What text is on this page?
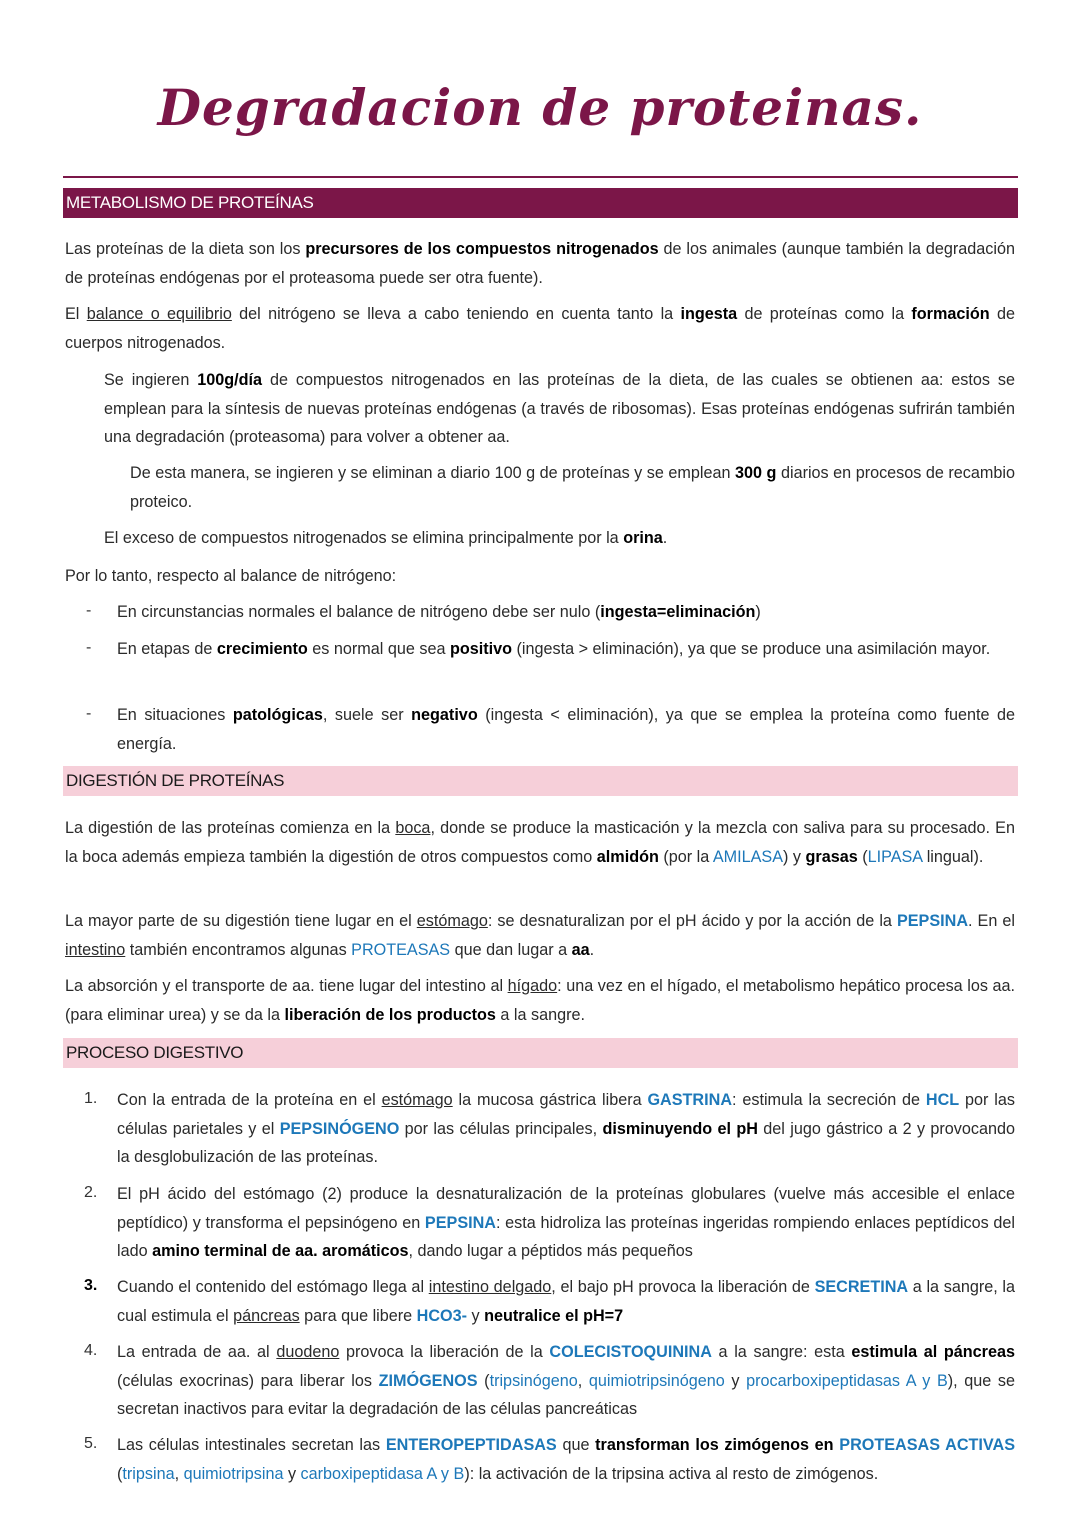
Degradacion de proteinas.
METABOLISMO DE PROTEÍNAS
Las proteínas de la dieta son los precursores de los compuestos nitrogenados de los animales (aunque también la degradación de proteínas endógenas por el proteasoma puede ser otra fuente).
El balance o equilibrio del nitrógeno se lleva a cabo teniendo en cuenta tanto la ingesta de proteínas como la formación de cuerpos nitrogenados.
Se ingieren 100g/día de compuestos nitrogenados en las proteínas de la dieta, de las cuales se obtienen aa: estos se emplean para la síntesis de nuevas proteínas endógenas (a través de ribosomas). Esas proteínas endógenas sufrirán también una degradación (proteasoma) para volver a obtener aa.
De esta manera, se ingieren y se eliminan a diario 100 g de proteínas y se emplean 300 g diarios en procesos de recambio proteico.
El exceso de compuestos nitrogenados se elimina principalmente por la orina.
Por lo tanto, respecto al balance de nitrógeno:
- En circunstancias normales el balance de nitrógeno debe ser nulo (ingesta=eliminación)
- En etapas de crecimiento es normal que sea positivo (ingesta > eliminación), ya que se produce una asimilación mayor.
- En situaciones patológicas, suele ser negativo (ingesta < eliminación), ya que se emplea la proteína como fuente de energía.
DIGESTIÓN DE PROTEÍNAS
La digestión de las proteínas comienza en la boca, donde se produce la masticación y la mezcla con saliva para su procesado. En la boca además empieza también la digestión de otros compuestos como almidón (por la AMILASA) y grasas (LIPASA lingual).
La mayor parte de su digestión tiene lugar en el estómago: se desnaturalizan por el pH ácido y por la acción de la PEPSINA. En el intestino también encontramos algunas PROTEASAS que dan lugar a aa.
La absorción y el transporte de aa. tiene lugar del intestino al hígado: una vez en el hígado, el metabolismo hepático procesa los aa. (para eliminar urea) y se da la liberación de los productos a la sangre.
PROCESO DIGESTIVO
1. Con la entrada de la proteína en el estómago la mucosa gástrica libera GASTRINA: estimula la secreción de HCL por las células parietales y el PEPSINÓGENO por las células principales, disminuyendo el pH del jugo gástrico a 2 y provocando la desglobulización de las proteínas.
2. El pH ácido del estómago (2) produce la desnaturalización de la proteínas globulares (vuelve más accesible el enlace peptídico) y transforma el pepsinógeno en PEPSINA: esta hidroliza las proteínas ingeridas rompiendo enlaces peptídicos del lado amino terminal de aa. aromáticos, dando lugar a péptidos más pequeños
3. Cuando el contenido del estómago llega al intestino delgado, el bajo pH provoca la liberación de SECRETINA a la sangre, la cual estimula el páncreas para que libere HCO3- y neutralice el pH=7
4. La entrada de aa. al duodeno provoca la liberación de la COLECISTOQUININA a la sangre: esta estimula al páncreas (células exocrinas) para liberar los ZIMÓGENOS (tripsinógeno, quimiotripsinógeno y procarboxipeptidasas A y B), que se secretan inactivos para evitar la degradación de las células pancreáticas
5. Las células intestinales secretan las ENTEROPEPTIDASAS que transforman los zimógenos en PROTEASAS ACTIVAS (tripsina, quimiotripsina y carboxipeptidasa A y B): la activación de la tripsina activa al resto de zimógenos.
